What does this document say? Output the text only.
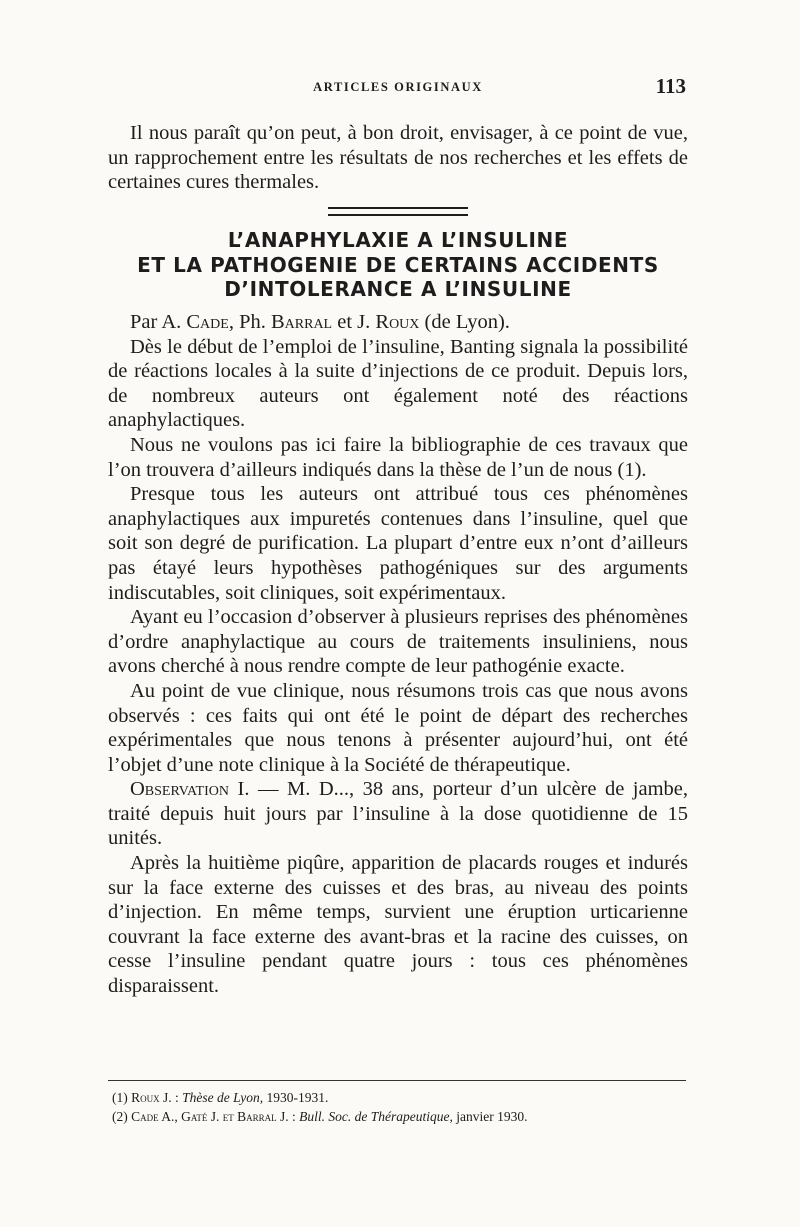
ARTICLES ORIGINAUX	113

Il nous paraît qu’on peut, à bon droit, envisager, à ce point de vue, un rapprochement entre les résultats de nos recherches et les effets de certaines cures thermales.

L’ANAPHYLAXIE A L’INSULINE
ET LA PATHOGENIE DE CERTAINS ACCIDENTS
D’INTOLERANCE A L’INSULINE

Par A. Cade, Ph. Barral et J. Roux (de Lyon).

Dès le début de l’emploi de l’insuline, Banting signala la possibilité de réactions locales à la suite d’injections de ce produit. Depuis lors, de nombreux auteurs ont également noté des réactions anaphylactiques.

Nous ne voulons pas ici faire la bibliographie de ces travaux que l’on trouvera d’ailleurs indiqués dans la thèse de l’un de nous (1).

Presque tous les auteurs ont attribué tous ces phénomènes anaphylactiques aux impuretés contenues dans l’insuline, quel que soit son degré de purification. La plupart d’entre eux n’ont d’ailleurs pas étayé leurs hypothèses pathogéniques sur des arguments indiscutables, soit cliniques, soit expérimentaux.

Ayant eu l’occasion d’observer à plusieurs reprises des phénomènes d’ordre anaphylactique au cours de traitements insuliniens, nous avons cherché à nous rendre compte de leur pathogénie exacte.

Au point de vue clinique, nous résumons trois cas que nous avons observés : ces faits qui ont été le point de départ des recherches expérimentales que nous tenons à présenter aujourd’hui, ont été l’objet d’une note clinique à la Société de thérapeutique.

Observation I. — M. D..., 38 ans, porteur d’un ulcère de jambe, traité depuis huit jours par l’insuline à la dose quotidienne de 15 unités.

Après la huitième piqûre, apparition de placards rouges et indurés sur la face externe des cuisses et des bras, au niveau des points d’injection. En même temps, survient une éruption urticarienne couvrant la face externe des avant-bras et la racine des cuisses, on cesse l’insuline pendant quatre jours : tous ces phénomènes disparaissent.

(1) Roux J. : Thèse de Lyon, 1930-1931.
(2) Cade A., Gaté J. et Barral J. : Bull. Soc. de Thérapeutique, janvier 1930.
